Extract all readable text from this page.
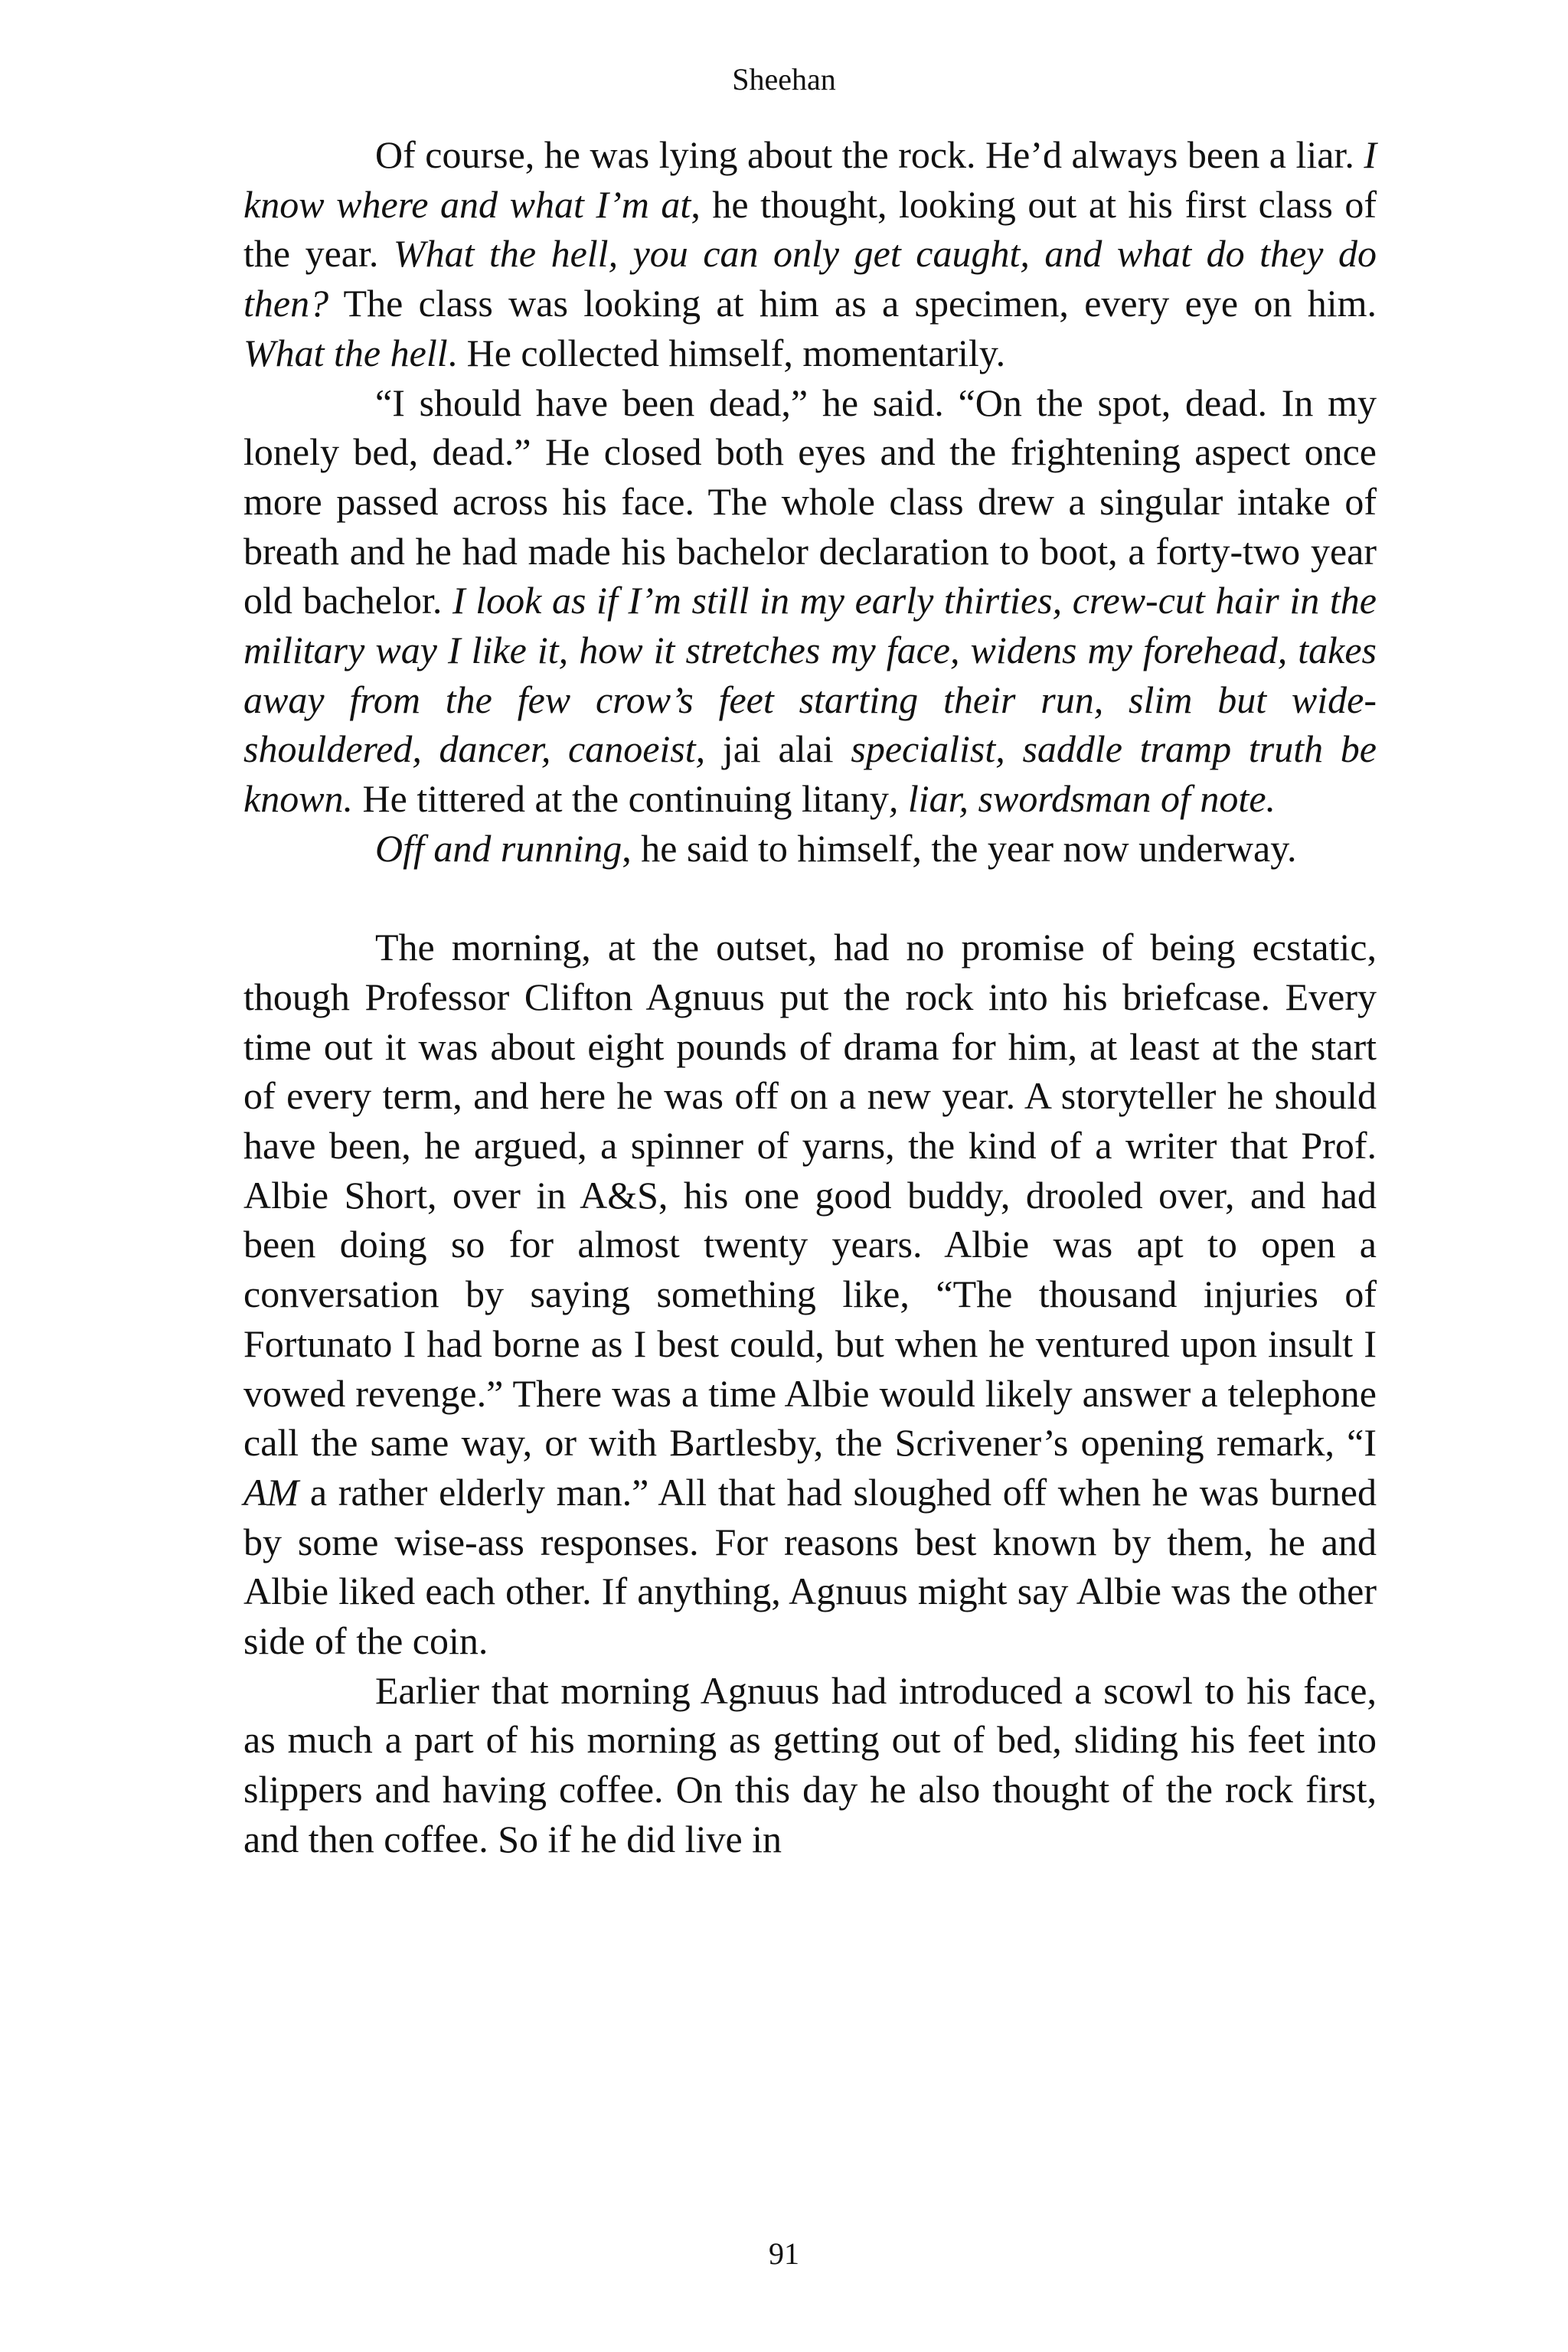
Sheehan

Of course, he was lying about the rock. He’d always been a liar. I know where and what I’m at, he thought, looking out at his first class of the year. What the hell, you can only get caught, and what do they do then? The class was looking at him as a specimen, every eye on him. What the hell. He collected himself, momentarily.

“I should have been dead,” he said. “On the spot, dead. In my lonely bed, dead.” He closed both eyes and the frightening aspect once more passed across his face. The whole class drew a singular intake of breath and he had made his bachelor declaration to boot, a forty-two year old bachelor. I look as if I’m still in my early thirties, crew-cut hair in the military way I like it, how it stretches my face, widens my forehead, takes away from the few crow’s feet starting their run, slim but wide-shouldered, dancer, canoeist, jai alai specialist, saddle tramp truth be known. He tittered at the continuing litany, liar, swordsman of note.

Off and running, he said to himself, the year now underway.

The morning, at the outset, had no promise of being ecstatic, though Professor Clifton Agnuus put the rock into his briefcase. Every time out it was about eight pounds of drama for him, at least at the start of every term, and here he was off on a new year. A storyteller he should have been, he argued, a spinner of yarns, the kind of a writer that Prof. Albie Short, over in A&S, his one good buddy, drooled over, and had been doing so for almost twenty years. Albie was apt to open a conversation by saying something like, “The thousand injuries of Fortunato I had borne as I best could, but when he ventured upon insult I vowed revenge.” There was a time Albie would likely answer a telephone call the same way, or with Bartlesby, the Scrivener’s opening remark, “I AM a rather elderly man.” All that had sloughed off when he was burned by some wise-ass responses. For reasons best known by them, he and Albie liked each other. If anything, Agnuus might say Albie was the other side of the coin.

Earlier that morning Agnuus had introduced a scowl to his face, as much a part of his morning as getting out of bed, sliding his feet into slippers and having coffee. On this day he also thought of the rock first, and then coffee. So if he did live in

91
